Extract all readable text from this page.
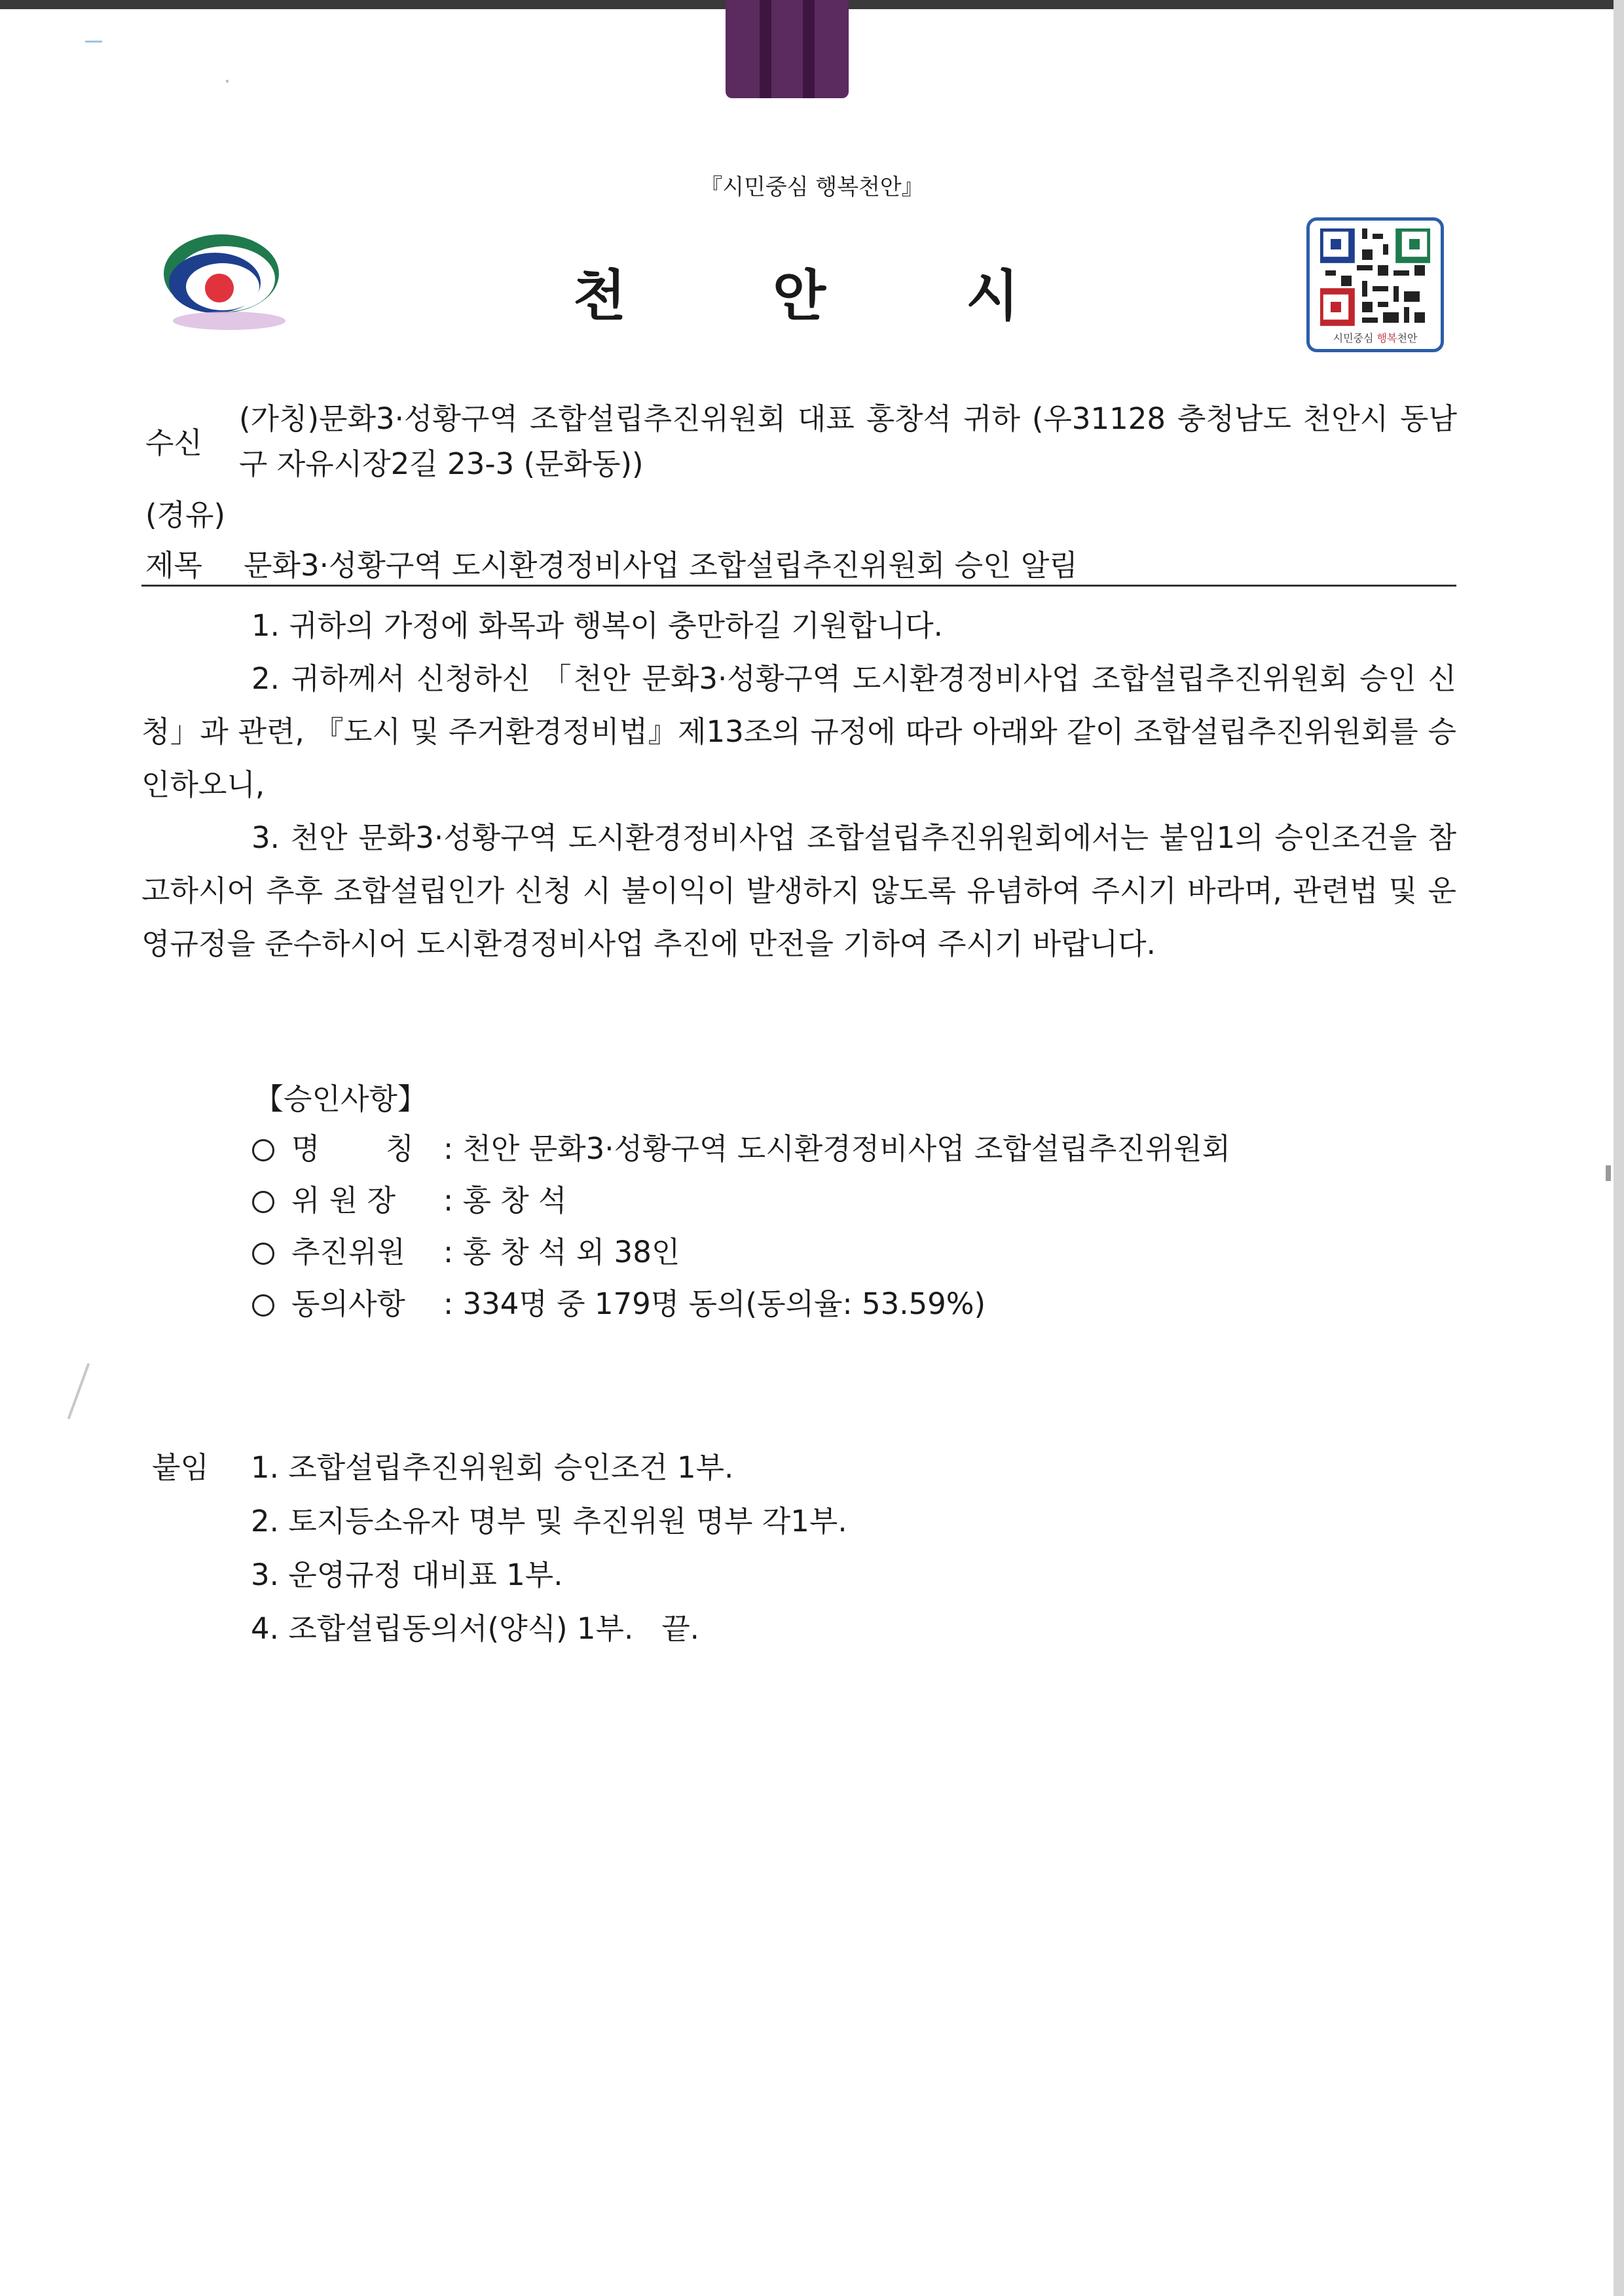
『시민중심 행복천안』
천	안	시
시민중심 행복천안
수신
(가칭)문화3·성황구역 조합설립추진위원회 대표 홍창석 귀하 (우31128 충청남도 천안시 동남구 자유시장2길 23-3 (문화동))
(경유)
제목 문화3·성황구역 도시환경정비사업 조합설립추진위원회 승인 알림

1. 귀하의 가정에 화목과 행복이 충만하길 기원합니다.

2. 귀하께서 신청하신 「천안 문화3·성황구역 도시환경정비사업 조합설립추진위원회 승인 신청」과 관련, 『도시 및 주거환경정비법』제13조의 규정에 따라 아래와 같이 조합설립추진위원회를 승인하오니,

3. 천안 문화3·성황구역 도시환경정비사업 조합설립추진위원회에서는 붙임1의 승인조건을 참고하시어 추후 조합설립인가 신청 시 불이익이 발생하지 않도록 유념하여 주시기 바라며, 관련법 및 운영규정을 준수하시어 도시환경정비사업 추진에 만전을 기하여 주시기 바랍니다.

【승인사항】
명       칭 : 천안 문화3·성황구역 도시환경정비사업 조합설립추진위원회
위 원 장 : 홍 창 석
추진위원 : 홍 창 석 외 38인
동의사항 : 334명 중 179명 동의(동의율: 53.59%)
붙임 1. 조합설립추진위원회 승인조건 1부.
2. 토지등소유자 명부 및 추진위원 명부 각1부.
3. 운영규정 대비표 1부.
4. 조합설립동의서(양식) 1부.   끝.
